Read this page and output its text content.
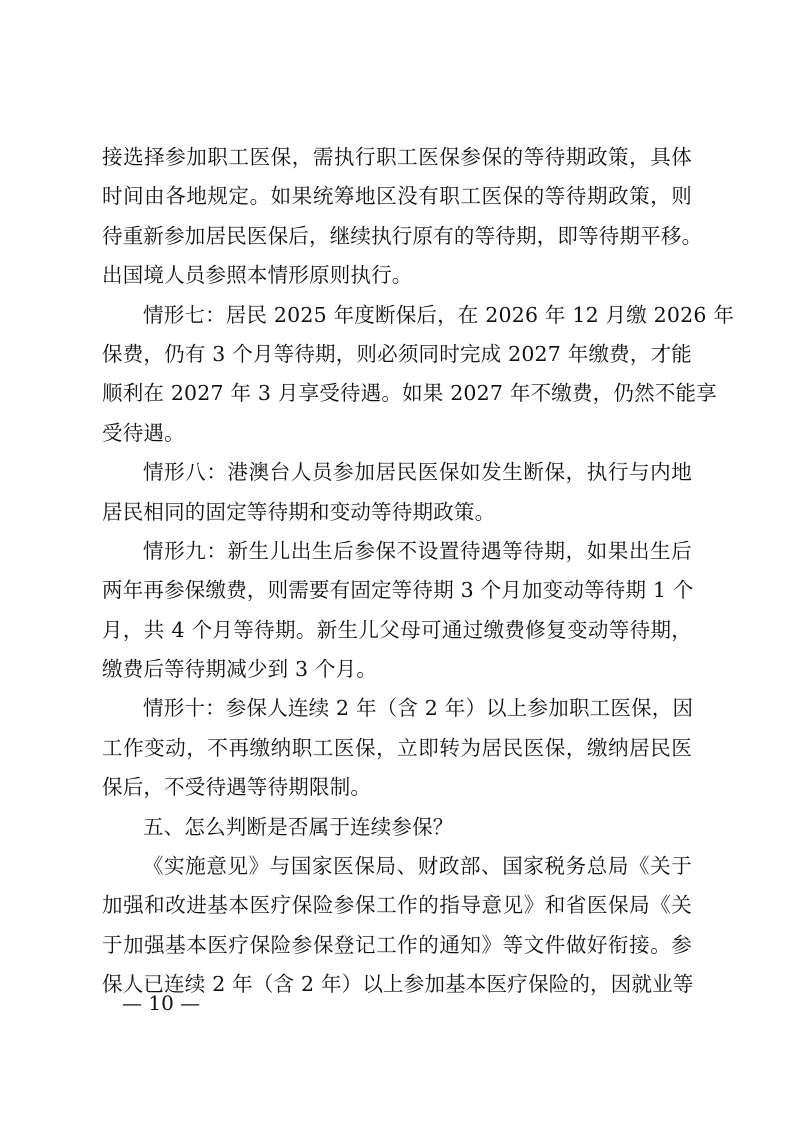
接选择参加职工医保，需执行职工医保参保的等待期政策，具体
时间由各地规定。如果统筹地区没有职工医保的等待期政策，则
待重新参加居民医保后，继续执行原有的等待期，即等待期平移。
出国境人员参照本情形原则执行。
情形七：居民 2025 年度断保后，在 2026 年 12 月缴 2026 年
保费，仍有 3 个月等待期，则必须同时完成 2027 年缴费，才能
顺利在 2027 年 3 月享受待遇。如果 2027 年不缴费，仍然不能享
受待遇。
情形八：港澳台人员参加居民医保如发生断保，执行与内地
居民相同的固定等待期和变动等待期政策。
情形九：新生儿出生后参保不设置待遇等待期，如果出生后
两年再参保缴费，则需要有固定等待期 3 个月加变动等待期 1 个
月，共 4 个月等待期。新生儿父母可通过缴费修复变动等待期，
缴费后等待期减少到 3 个月。
情形十：参保人连续 2 年（含 2 年）以上参加职工医保，因
工作变动，不再缴纳职工医保，立即转为居民医保，缴纳居民医
保后，不受待遇等待期限制。
五、怎么判断是否属于连续参保？
《实施意见》与国家医保局、财政部、国家税务总局《关于
加强和改进基本医疗保险参保工作的指导意见》和省医保局《关
于加强基本医疗保险参保登记工作的通知》等文件做好衔接。参
保人已连续 2 年（含 2 年）以上参加基本医疗保险的，因就业等
— 10 —
